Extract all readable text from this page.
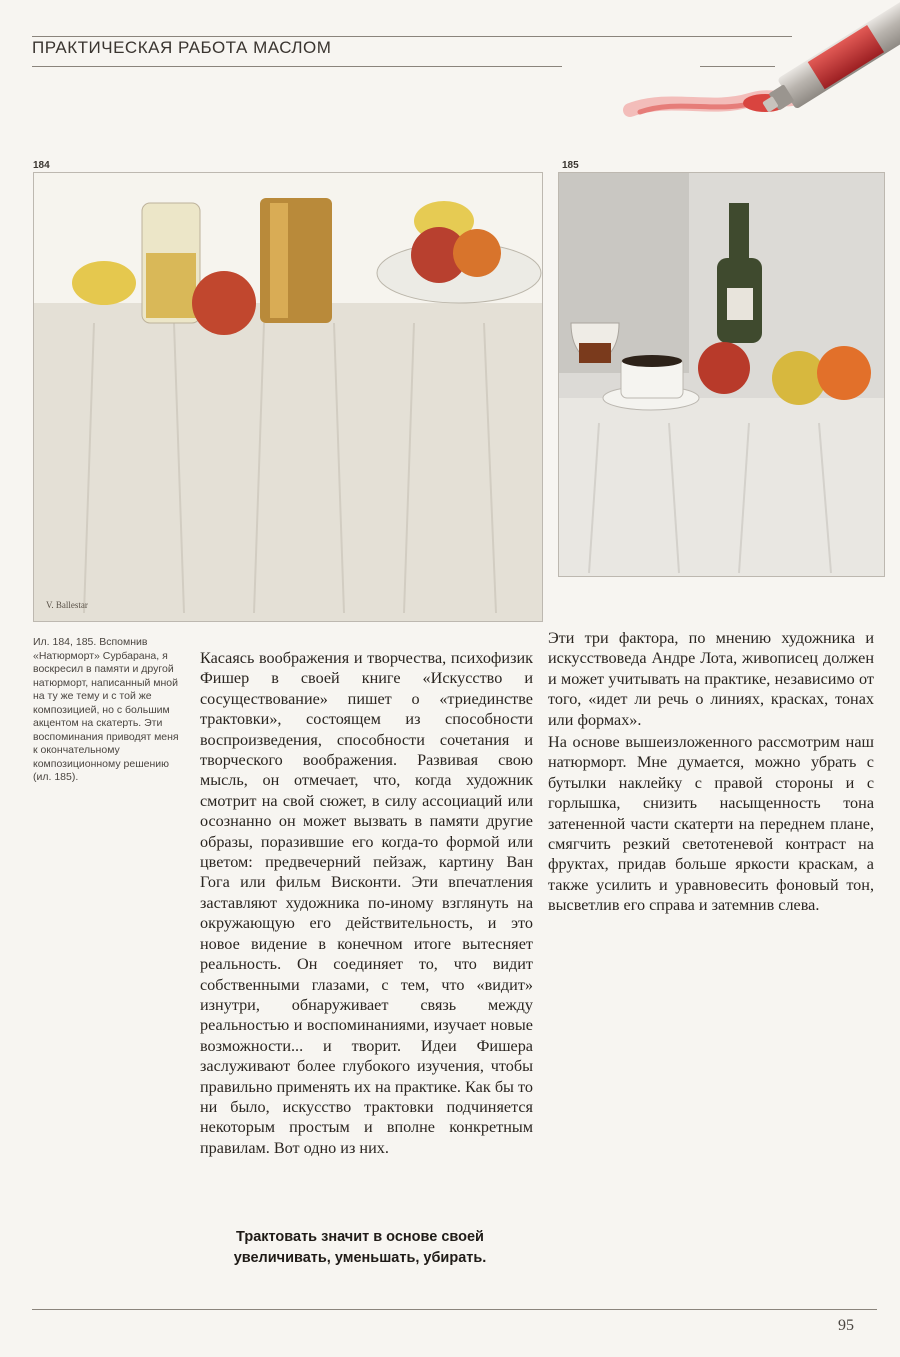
ПРАКТИЧЕСКАЯ РАБОТА МАСЛОМ
184
V. Ballestar
185
Ил. 184, 185. Вспомнив «Натюрморт» Сурбарана, я воскресил в памяти и другой натюрморт, написанный мной на ту же тему и с той же композицией, но с большим акцентом на скатерть. Эти воспоминания приводят меня к окончательному композиционному решению (ил. 185).

Касаясь воображения и творчества, психофизик Фишер в своей книге «Искусство и сосуществование» пишет о «триединстве трактовки», состоящем из способности воспроизведения, способности сочетания и творческого воображения. Развивая свою мысль, он отмечает, что, когда художник смотрит на свой сюжет, в силу ассоциаций или осознанно он может вызвать в памяти другие образы, поразившие его когда-то формой или цветом: предвечерний пейзаж, картину Ван Гога или фильм Висконти. Эти впечатления заставляют художника по-иному взглянуть на окружающую его действительность, и это новое видение в конечном итоге вытесняет реальность. Он соединяет то, что видит собственными глазами, с тем, что «видит» изнутри, обнаруживает связь между реальностью и воспоминаниями, изучает новые возможности... и творит. Идеи Фишера заслуживают более глубокого изучения, чтобы правильно применять их на практике. Как бы то ни было, искусство трактовки подчиняется некоторым простым и вполне конкретным правилам. Вот одно из них.

Трактовать значит в основе своей увеличивать, уменьшать, убирать.

Эти три фактора, по мнению художника и искусствоведа Андре Лота, живописец должен и может учитывать на практике, независимо от того, «идет ли речь о линиях, красках, тонах или формах».

На основе вышеизложенного рассмотрим наш натюрморт. Мне думается, можно убрать с бутылки наклейку с правой стороны и с горлышка, снизить насыщенность тона затененной части скатерти на переднем плане, смягчить резкий светотеневой контраст на фруктах, придав больше яркости краскам, а также усилить и уравновесить фоновый тон, высветлив его справа и затемнив слева.

95
